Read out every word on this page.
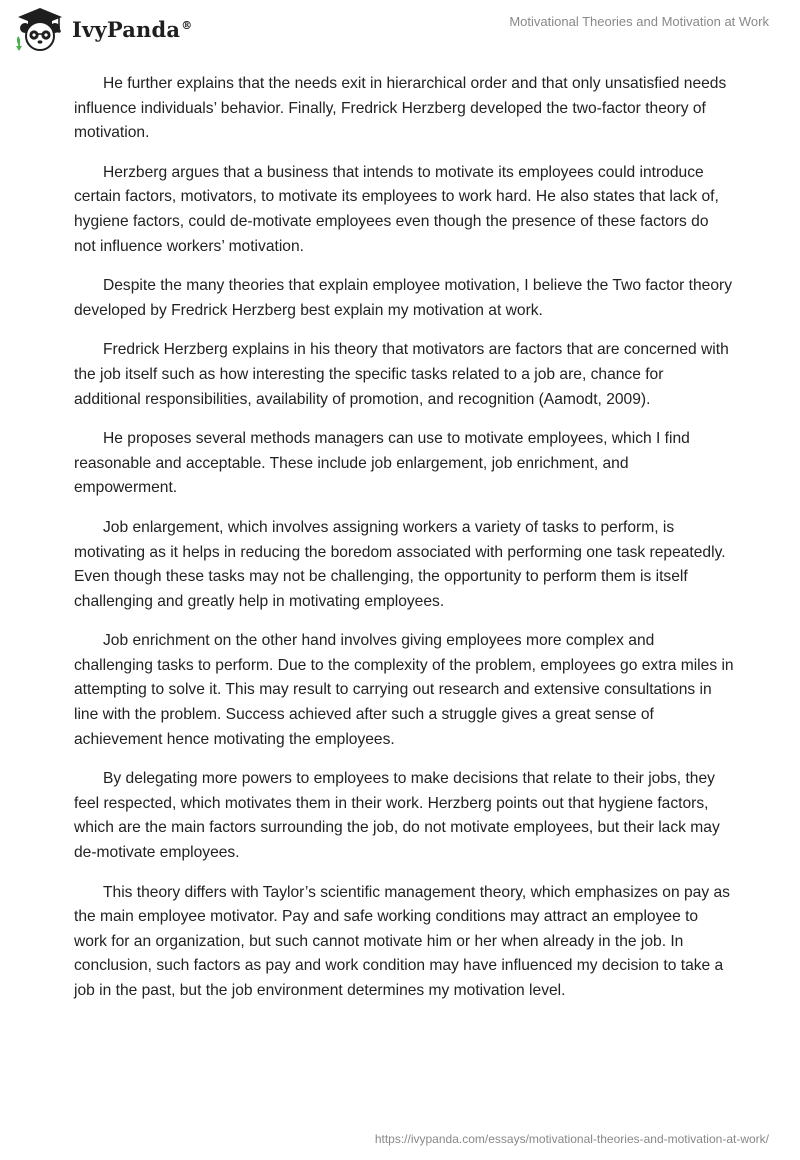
IvyPanda®	Motivational Theories and Motivation at Work

He further explains that the needs exit in hierarchical order and that only unsatisfied needs influence individuals’ behavior. Finally, Fredrick Herzberg developed the two-factor theory of motivation.

Herzberg argues that a business that intends to motivate its employees could introduce certain factors, motivators, to motivate its employees to work hard. He also states that lack of, hygiene factors, could de-motivate employees even though the presence of these factors do not influence workers’ motivation.

Despite the many theories that explain employee motivation, I believe the Two factor theory developed by Fredrick Herzberg best explain my motivation at work.

Fredrick Herzberg explains in his theory that motivators are factors that are concerned with the job itself such as how interesting the specific tasks related to a job are, chance for additional responsibilities, availability of promotion, and recognition (Aamodt, 2009).

He proposes several methods managers can use to motivate employees, which I find reasonable and acceptable. These include job enlargement, job enrichment, and empowerment.

Job enlargement, which involves assigning workers a variety of tasks to perform, is motivating as it helps in reducing the boredom associated with performing one task repeatedly. Even though these tasks may not be challenging, the opportunity to perform them is itself challenging and greatly help in motivating employees.

Job enrichment on the other hand involves giving employees more complex and challenging tasks to perform. Due to the complexity of the problem, employees go extra miles in attempting to solve it. This may result to carrying out research and extensive consultations in line with the problem. Success achieved after such a struggle gives a great sense of achievement hence motivating the employees.

By delegating more powers to employees to make decisions that relate to their jobs, they feel respected, which motivates them in their work. Herzberg points out that hygiene factors, which are the main factors surrounding the job, do not motivate employees, but their lack may de-motivate employees.

This theory differs with Taylor’s scientific management theory, which emphasizes on pay as the main employee motivator. Pay and safe working conditions may attract an employee to work for an organization, but such cannot motivate him or her when already in the job. In conclusion, such factors as pay and work condition may have influenced my decision to take a job in the past, but the job environment determines my motivation level.

https://ivypanda.com/essays/motivational-theories-and-motivation-at-work/
